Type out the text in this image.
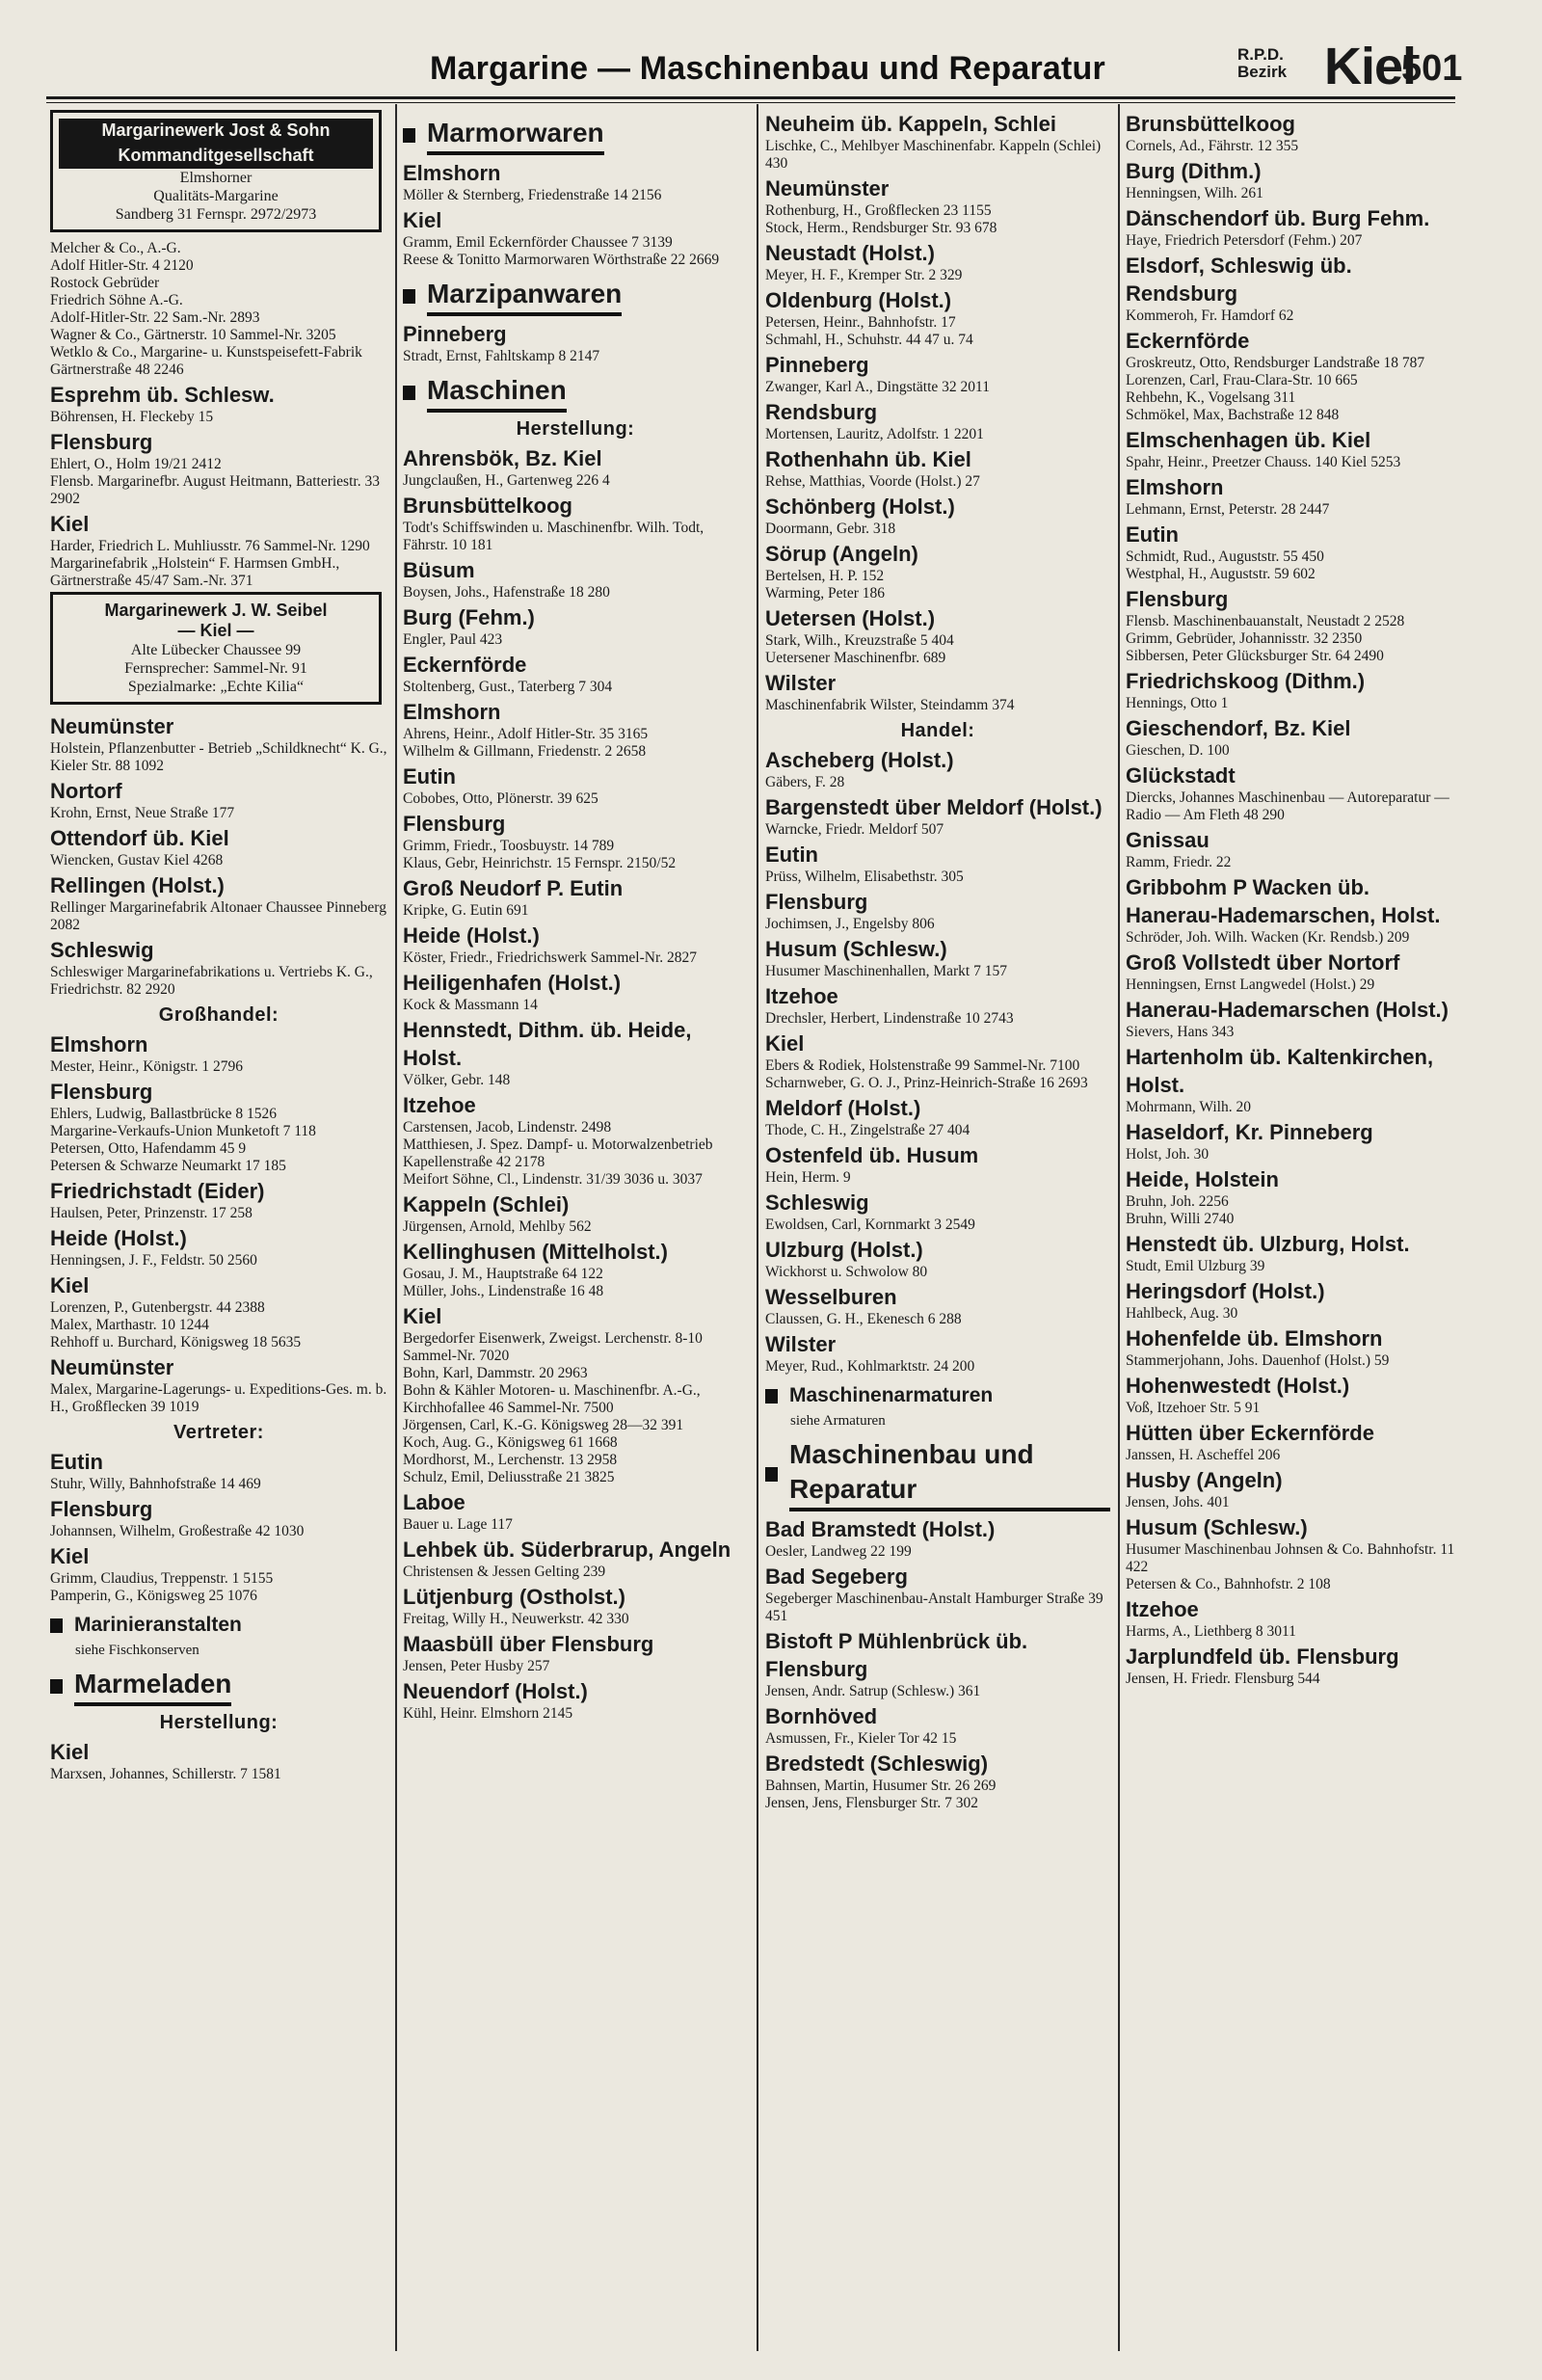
Margarine — Maschinenbau und Reparatur	R.P.D.
Bezirk Kiel
501
Margarinewerk Jost & Sohn
Kommanditgesellschaft
Elmshorner
Qualitäts-Margarine
Sandberg 31 Fernspr. 2972/2973

Melcher & Co., A.-G.

Adolf Hitler-Str. 4 2120

Rostock Gebrüder

Friedrich Söhne A.-G.

Adolf-Hitler-Str. 22 Sam.-Nr. 2893

Wagner & Co., Gärtnerstr. 10 Sammel-Nr. 3205

Wetklo & Co., Margarine- u. Kunstspeisefett-Fabrik Gärtnerstraße 48 2246

Esprehm üb. Schlesw.

Böhrensen, H. Fleckeby 15

Flensburg

Ehlert, O., Holm 19/21 2412

Flensb. Margarinefbr. August Heitmann, Batteriestr. 33 2902

Kiel

Harder, Friedrich L. Muhliusstr. 76 Sammel-Nr. 1290

Margarinefabrik „Holstein“ F. Harmsen GmbH., Gärtnerstraße 45/47 Sam.-Nr. 371

Margarinewerk J. W. Seibel
— Kiel —
Alte Lübecker Chaussee 99
Fernsprecher: Sammel-Nr. 91
Spezialmarke: „Echte Kilia“
Neumünster

Holstein, Pflanzenbutter - Betrieb „Schildknecht“ K. G., Kieler Str. 88 1092

Nortorf

Krohn, Ernst, Neue Straße 177

Ottendorf üb. Kiel

Wiencken, Gustav Kiel 4268

Rellingen (Holst.)

Rellinger Margarinefabrik Altonaer Chaussee Pinneberg 2082

Schleswig

Schleswiger Margarinefabrikations u. Vertriebs K. G., Friedrichstr. 82 2920

Großhandel:
Elmshorn

Mester, Heinr., Königstr. 1 2796

Flensburg

Ehlers, Ludwig, Ballastbrücke 8 1526

Margarine-Verkaufs-Union Munketoft 7 118

Petersen, Otto, Hafendamm 45 9

Petersen & Schwarze Neumarkt 17 185

Friedrichstadt (Eider)

Haulsen, Peter, Prinzenstr. 17 258

Heide (Holst.)

Henningsen, J. F., Feldstr. 50 2560

Kiel

Lorenzen, P., Gutenbergstr. 44 2388

Malex, Marthastr. 10 1244

Rehhoff u. Burchard, Königsweg 18 5635

Neumünster

Malex, Margarine-Lagerungs- u. Expeditions-Ges. m. b. H., Großflecken 39 1019

Vertreter:
Eutin

Stuhr, Willy, Bahnhofstraße 14 469

Flensburg

Johannsen, Wilhelm, Großestraße 42 1030

Kiel

Grimm, Claudius, Treppenstr. 1 5155

Pamperin, G., Königsweg 25 1076

Marinieranstalten
siehe Fischkonserven
Marmeladen
Herstellung:
Kiel

Marxsen, Johannes, Schillerstr. 7 1581

Marmorwaren
Elmshorn

Möller & Sternberg, Friedenstraße 14 2156

Kiel

Gramm, Emil Eckernförder Chaussee 7 3139

Reese & Tonitto Marmorwaren Wörthstraße 22 2669

Marzipanwaren
Pinneberg

Stradt, Ernst, Fahltskamp 8 2147

Maschinen
Herstellung:
Ahrensbök, Bz. Kiel

Jungclaußen, H., Gartenweg 226 4

Brunsbüttelkoog

Todt's Schiffswinden u. Maschinenfbr. Wilh. Todt, Fährstr. 10 181

Büsum

Boysen, Johs., Hafenstraße 18 280

Burg (Fehm.)

Engler, Paul 423

Eckernförde

Stoltenberg, Gust., Taterberg 7 304

Elmshorn

Ahrens, Heinr., Adolf Hitler-Str. 35 3165

Wilhelm & Gillmann, Friedenstr. 2 2658

Eutin

Cobobes, Otto, Plönerstr. 39 625

Flensburg

Grimm, Friedr., Toosbuystr. 14 789

Klaus, Gebr, Heinrichstr. 15 Fernspr. 2150/52

Groß Neudorf P. Eutin

Kripke, G. Eutin 691

Heide (Holst.)

Köster, Friedr., Friedrichswerk Sammel-Nr. 2827

Heiligenhafen (Holst.)

Kock & Massmann 14

Hennstedt, Dithm. üb. Heide, Holst.

Völker, Gebr. 148

Itzehoe

Carstensen, Jacob, Lindenstr. 2498

Matthiesen, J. Spez. Dampf- u. Motorwalzenbetrieb Kapellenstraße 42 2178

Meifort Söhne, Cl., Lindenstr. 31/39 3036 u. 3037

Kappeln (Schlei)

Jürgensen, Arnold, Mehlby 562

Kellinghusen (Mittelholst.)

Gosau, J. M., Hauptstraße 64 122

Müller, Johs., Lindenstraße 16 48

Kiel

Bergedorfer Eisenwerk, Zweigst. Lerchenstr. 8-10 Sammel-Nr. 7020

Bohn, Karl, Dammstr. 20 2963

Bohn & Kähler Motoren- u. Maschinenfbr. A.-G., Kirchhofallee 46 Sammel-Nr. 7500

Jörgensen, Carl, K.-G. Königsweg 28—32 391

Koch, Aug. G., Königsweg 61 1668

Mordhorst, M., Lerchenstr. 13 2958

Schulz, Emil, Deliusstraße 21 3825

Laboe

Bauer u. Lage 117

Lehbek üb. Süderbrarup, Angeln

Christensen & Jessen Gelting 239

Lütjenburg (Ostholst.)

Freitag, Willy H., Neuwerkstr. 42 330

Maasbüll über Flensburg

Jensen, Peter Husby 257

Neuendorf (Holst.)

Kühl, Heinr. Elmshorn 2145

Neuheim üb. Kappeln, Schlei

Lischke, C., Mehlbyer Maschinenfabr. Kappeln (Schlei) 430

Neumünster

Rothenburg, H., Großflecken 23 1155

Stock, Herm., Rendsburger Str. 93 678

Neustadt (Holst.)

Meyer, H. F., Kremper Str. 2 329

Oldenburg (Holst.)

Petersen, Heinr., Bahnhofstr. 17

Schmahl, H., Schuhstr. 44 47 u. 74

Pinneberg

Zwanger, Karl A., Dingstätte 32 2011

Rendsburg

Mortensen, Lauritz, Adolfstr. 1 2201

Rothenhahn üb. Kiel

Rehse, Matthias, Voorde (Holst.) 27

Schönberg (Holst.)

Doormann, Gebr. 318

Sörup (Angeln)

Bertelsen, H. P. 152

Warming, Peter 186

Uetersen (Holst.)

Stark, Wilh., Kreuzstraße 5 404

Uetersener Maschinenfbr. 689

Wilster

Maschinenfabrik Wilster, Steindamm 374

Handel:
Ascheberg (Holst.)

Gäbers, F. 28

Bargenstedt über Meldorf (Holst.)

Warncke, Friedr. Meldorf 507

Eutin

Prüss, Wilhelm, Elisabethstr. 305

Flensburg

Jochimsen, J., Engelsby 806

Husum (Schlesw.)

Husumer Maschinenhallen, Markt 7 157

Itzehoe

Drechsler, Herbert, Lindenstraße 10 2743

Kiel

Ebers & Rodiek, Holstenstraße 99 Sammel-Nr. 7100

Scharnweber, G. O. J., Prinz-Heinrich-Straße 16 2693

Meldorf (Holst.)

Thode, C. H., Zingelstraße 27 404

Ostenfeld üb. Husum

Hein, Herm. 9

Schleswig

Ewoldsen, Carl, Kornmarkt 3 2549

Ulzburg (Holst.)

Wickhorst u. Schwolow 80

Wesselburen

Claussen, G. H., Ekenesch 6 288

Wilster

Meyer, Rud., Kohlmarktstr. 24 200

Maschinenarmaturen
siehe Armaturen
Maschinenbau und Reparatur
Bad Bramstedt (Holst.)

Oesler, Landweg 22 199

Bad Segeberg

Segeberger Maschinenbau-Anstalt Hamburger Straße 39 451

Bistoft P Mühlenbrück üb. Flensburg

Jensen, Andr. Satrup (Schlesw.) 361

Bornhöved

Asmussen, Fr., Kieler Tor 42 15

Bredstedt (Schleswig)

Bahnsen, Martin, Husumer Str. 26 269

Jensen, Jens, Flensburger Str. 7 302

Brunsbüttelkoog

Cornels, Ad., Fährstr. 12 355

Burg (Dithm.)

Henningsen, Wilh. 261

Dänschendorf üb. Burg Fehm.

Haye, Friedrich Petersdorf (Fehm.) 207

Elsdorf, Schleswig üb. Rendsburg

Kommeroh, Fr. Hamdorf 62

Eckernförde

Groskreutz, Otto, Rendsburger Landstraße 18 787

Lorenzen, Carl, Frau-Clara-Str. 10 665

Rehbehn, K., Vogelsang 311

Schmökel, Max, Bachstraße 12 848

Elmschenhagen üb. Kiel

Spahr, Heinr., Preetzer Chauss. 140 Kiel 5253

Elmshorn

Lehmann, Ernst, Peterstr. 28 2447

Eutin

Schmidt, Rud., Auguststr. 55 450

Westphal, H., Auguststr. 59 602

Flensburg

Flensb. Maschinenbauanstalt, Neustadt 2 2528

Grimm, Gebrüder, Johannisstr. 32 2350

Sibbersen, Peter Glücksburger Str. 64 2490

Friedrichskoog (Dithm.)

Hennings, Otto 1

Gieschendorf, Bz. Kiel

Gieschen, D. 100

Glückstadt

Diercks, Johannes Maschinenbau — Autoreparatur — Radio — Am Fleth 48 290

Gnissau

Ramm, Friedr. 22

Gribbohm P Wacken üb. Hanerau-Hademarschen, Holst.

Schröder, Joh. Wilh. Wacken (Kr. Rendsb.) 209

Groß Vollstedt über Nortorf

Henningsen, Ernst Langwedel (Holst.) 29

Hanerau-Hademarschen (Holst.)

Sievers, Hans 343

Hartenholm üb. Kaltenkirchen, Holst.

Mohrmann, Wilh. 20

Haseldorf, Kr. Pinneberg

Holst, Joh. 30

Heide, Holstein

Bruhn, Joh. 2256

Bruhn, Willi 2740

Henstedt üb. Ulzburg, Holst.

Studt, Emil Ulzburg 39

Heringsdorf (Holst.)

Hahlbeck, Aug. 30

Hohenfelde üb. Elmshorn

Stammerjohann, Johs. Dauenhof (Holst.) 59

Hohenwestedt (Holst.)

Voß, Itzehoer Str. 5 91

Hütten über Eckernförde

Janssen, H. Ascheffel 206

Husby (Angeln)

Jensen, Johs. 401

Husum (Schlesw.)

Husumer Maschinenbau Johnsen & Co. Bahnhofstr. 11 422

Petersen & Co., Bahnhofstr. 2 108

Itzehoe

Harms, A., Liethberg 8 3011

Jarplundfeld üb. Flensburg

Jensen, H. Friedr. Flensburg 544
